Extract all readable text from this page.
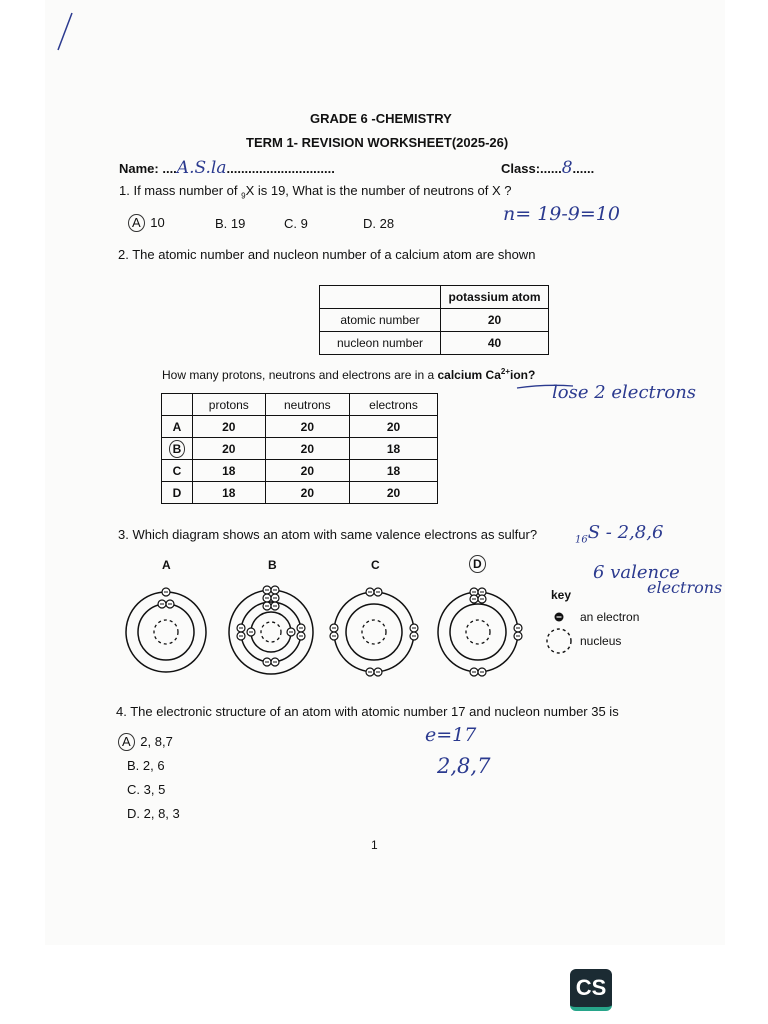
GRADE 6 -CHEMISTRY
TERM 1- REVISION WORKSHEET(2025-26)
Name: ....A.S.la..............................	Class:......8......
1. If mass number of $_9$X is 19, What is the number of neutrons of X ?
A 10	B. 19	C. 9	D. 28	n= 19-9=10
2. The atomic number and nucleon number of a calcium atom are shown
	potassium atom
atomic number	20
nucleon number	40
How many protons, neutrons and electrons are in a calcium $Ca^{2+}ion$?
lose 2 electrons
	protons	neutrons	electrons
A	20	20	20
B	20	20	18
C	18	20	18
D	18	20	20
3. Which diagram shows an atom with same valence electrons as sulfur?	$_{16}$S - 2,8,6
6 valence
electrons
A	B	C	D
key
an electron
nucleus
4. The electronic structure of an atom with atomic number 17 and nucleon number 35 is
A 2, 8,7
B. 2, 6
C. 3, 5
D. 2, 8, 3
e=17
2,8,7
1
CS
